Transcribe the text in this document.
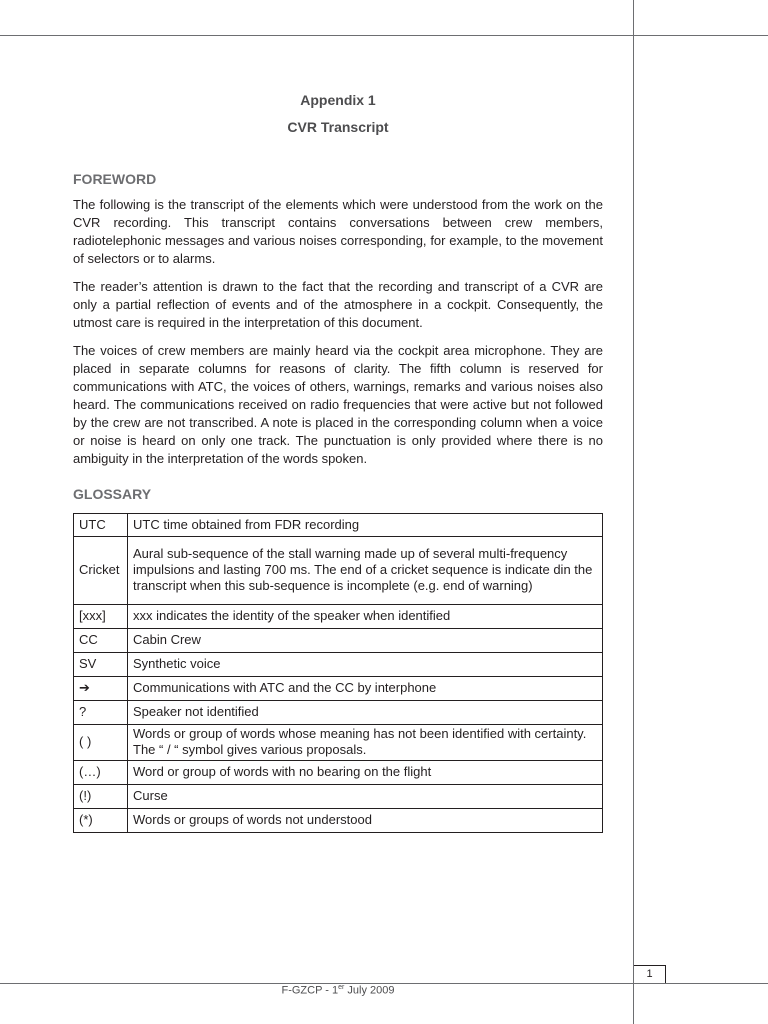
Appendix 1
CVR Transcript
FOREWORD

The following is the transcript of the elements which were understood from the work on the CVR recording. This transcript contains conversations between crew members, radiotelephonic messages and various noises corresponding, for example, to the movement of selectors or to alarms.

The reader’s attention is drawn to the fact that the recording and transcript of a CVR are only a partial reflection of events and of the atmosphere in a cockpit. Consequently, the utmost care is required in the interpretation of this document.

The voices of crew members are mainly heard via the cockpit area microphone. They are placed in separate columns for reasons of clarity. The fifth column is reserved for communications with ATC, the voices of others, warnings, remarks and various noises also heard. The communications received on radio frequencies that were active but not followed by the crew are not transcribed. A note is placed in the corresponding column when a voice or noise is heard on only one track. The punctuation is only provided where there is no ambiguity in the interpretation of the words spoken.

GLOSSARY
UTC	UTC time obtained from FDR recording
Cricket	Aural sub-sequence of the stall warning made up of several multi-frequency impulsions and lasting 700 ms. The end of a cricket sequence is indicate din the transcript when this sub-sequence is incomplete (e.g. end of warning)
[xxx]	xxx indicates the identity of the speaker when identified
CC	Cabin Crew
SV	Synthetic voice
➔	Communications with ATC and the CC by interphone
?	Speaker not identified
( )	Words or group of words whose meaning has not been identified with certainty. The “ / “ symbol gives various proposals.
(…)	Word or group of words with no bearing on the flight
(!)	Curse
(*)	Words or groups of words not understood
1
F-GZCP - 1er July 2009
